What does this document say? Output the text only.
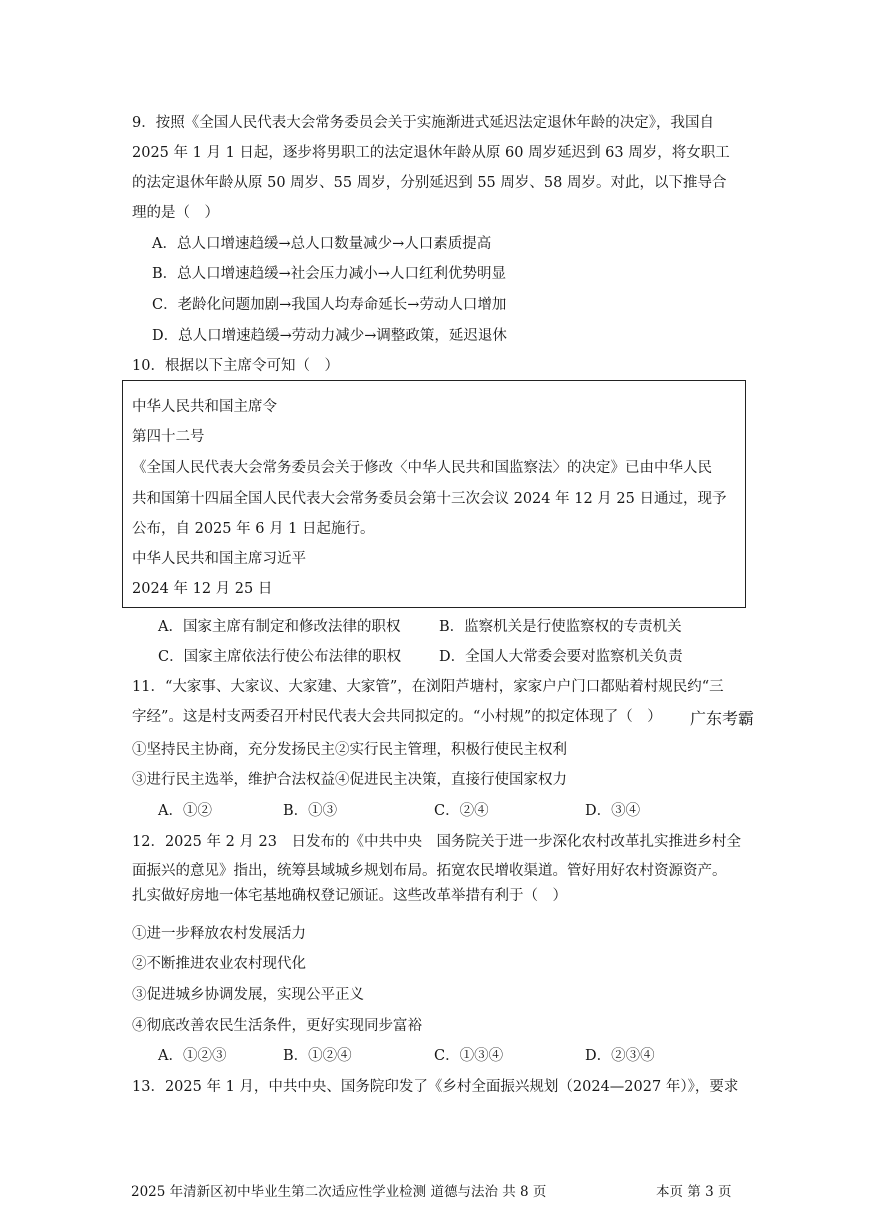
9．按照《全国人民代表大会常务委员会关于实施渐进式延迟法定退休年龄的决定》，我国自
2025 年 1 月 1 日起，逐步将男职工的法定退休年龄从原 60 周岁延迟到 63 周岁，将女职工
的法定退休年龄从原 50 周岁、55 周岁，分别延迟到 55 周岁、58 周岁。对此，以下推导合
理的是（　）
A．总人口增速趋缓→总人口数量减少→人口素质提高
B．总人口增速趋缓→社会压力减小→人口红利优势明显
C．老龄化问题加剧→我国人均寿命延长→劳动人口增加
D．总人口增速趋缓→劳动力减少→调整政策，延迟退休
10．根据以下主席令可知（　）
中华人民共和国主席令
第四十二号
《全国人民代表大会常务委员会关于修改〈中华人民共和国监察法〉的决定》已由中华人民
共和国第十四届全国人民代表大会常务委员会第十三次会议 2024 年 12 月 25 日通过，现予
公布，自 2025 年 6 月 1 日起施行。
中华人民共和国主席习近平
2024 年 12 月 25 日
A．国家主席有制定和修改法律的职权	B．监察机关是行使监察权的专责机关
C．国家主席依法行使公布法律的职权	D．全国人大常委会要对监察机关负责
11．“大家事、大家议、大家建、大家管”，在浏阳芦塘村，家家户户门口都贴着村规民约“三
字经”。这是村支两委召开村民代表大会共同拟定的。“小村规”的拟定体现了（　） 广东考霸
①坚持民主协商，充分发扬民主②实行民主管理，积极行使民主权利
③进行民主选举，维护合法权益④促进民主决策，直接行使国家权力
A．①②	B．①③	C．②④	D．③④
12．2025 年 2 月 23　日发布的《中共中央　国务院关于进一步深化农村改革扎实推进乡村全
面振兴的意见》指出，统筹县域城乡规划布局。拓宽农民增收渠道。管好用好农村资源资产。
扎实做好房地一体宅基地确权登记颁证。这些改革举措有利于（　）
①进一步释放农村发展活力
②不断推进农业农村现代化
③促进城乡协调发展，实现公平正义
④彻底改善农民生活条件，更好实现同步富裕
A．①②③	B．①②④	C．①③④	D．②③④
13．2025 年 1 月，中共中央、国务院印发了《乡村全面振兴规划（2024—2027 年）》，要求
2025 年清新区初中毕业生第二次适应性学业检测 道德与法治 共 8 页	本页 第 3 页
